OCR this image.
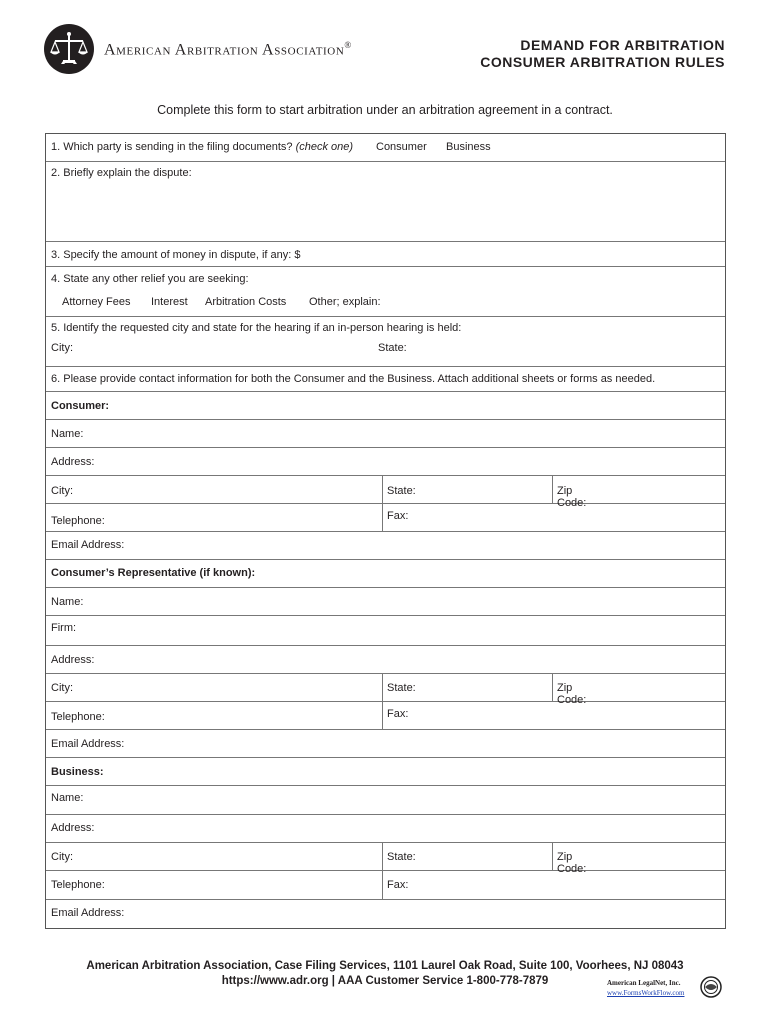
American Arbitration Association®	DEMAND FOR ARBITRATION
CONSUMER ARBITRATION RULES
Complete this form to start arbitration under an arbitration agreement in a contract.
1. Which party is sending in the filing documents? (check one) Consumer Business
2. Briefly explain the dispute:
3. Specify the amount of money in dispute, if any: $
4. State any other relief you are seeking:
Attorney Fees Interest Arbitration Costs Other; explain:
5. Identify the requested city and state for the hearing if an in-person hearing is held:
City:	State:
6. Please provide contact information for both the Consumer and the Business. Attach additional sheets or forms as needed.
Consumer:
Name:
Address:
City:	State:	Zip Code:
Telephone:	Fax:
Email Address:
Consumer’s Representative (if known):
Name:
Firm:
Address:
City:	State:	Zip Code:
Telephone:	Fax:
Email Address:
Business:
Name:
Address:
City:	State:	Zip Code:
Telephone:	Fax:
Email Address:
American Arbitration Association, Case Filing Services, 1101 Laurel Oak Road, Suite 100, Voorhees, NJ 08043
https://www.adr.org | AAA Customer Service 1-800-778-7879	American LegalNet, Inc.
www.FormsWorkFlow.com
